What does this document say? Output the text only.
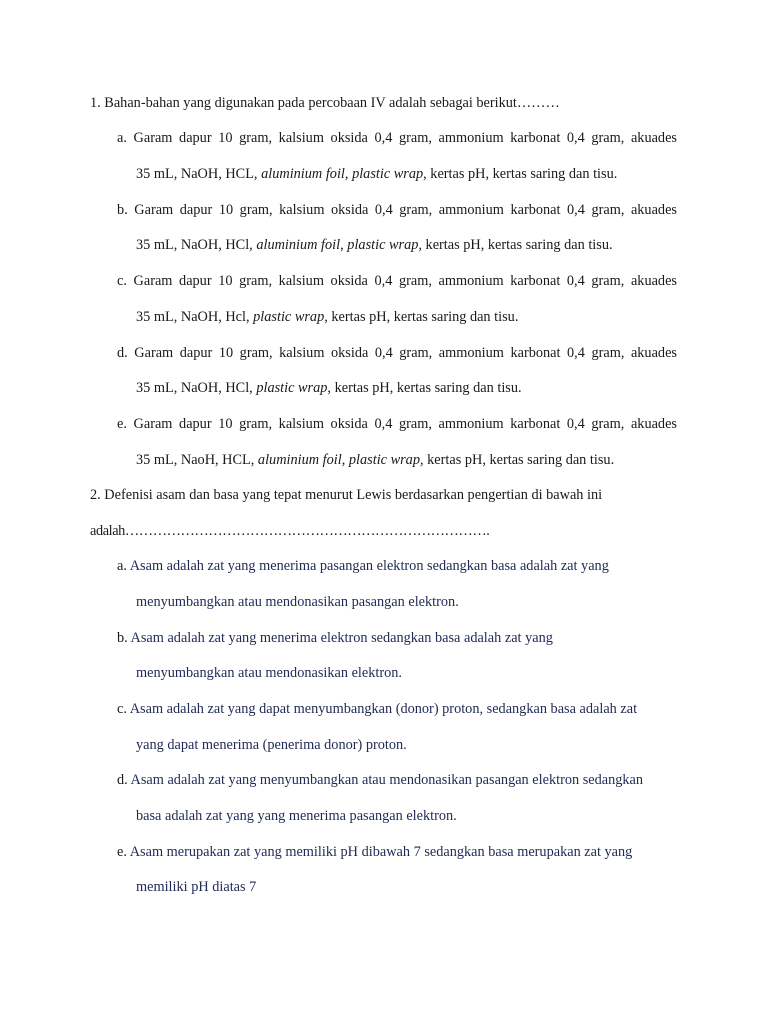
1. Bahan-bahan yang digunakan pada percobaan IV adalah sebagai berikut………
a. Garam dapur 10 gram, kalsium oksida 0,4 gram, ammonium karbonat 0,4 gram, akuades
35 mL, NaOH, HCL, aluminium foil, plastic wrap, kertas pH, kertas saring dan tisu.
b. Garam dapur 10 gram, kalsium oksida 0,4 gram, ammonium karbonat 0,4 gram, akuades
35 mL, NaOH, HCl, aluminium foil, plastic wrap, kertas pH, kertas saring dan tisu.
c. Garam dapur 10 gram, kalsium oksida 0,4 gram, ammonium karbonat 0,4 gram, akuades
35 mL, NaOH, Hcl, plastic wrap, kertas pH, kertas saring dan tisu.
d. Garam dapur 10 gram, kalsium oksida 0,4 gram, ammonium karbonat 0,4 gram, akuades
35 mL, NaOH, HCl, plastic wrap, kertas pH, kertas saring dan tisu.
e. Garam dapur 10 gram, kalsium oksida 0,4 gram, ammonium karbonat 0,4 gram, akuades
35 mL, NaoH, HCL, aluminium foil, plastic wrap, kertas pH, kertas saring dan tisu.
2. Defenisi asam dan basa yang tepat menurut Lewis berdasarkan pengertian di bawah ini
adalah…………………………………………………………………….
a. Asam adalah zat yang menerima pasangan elektron sedangkan basa adalah zat yang
menyumbangkan atau mendonasikan pasangan elektron.
b. Asam adalah zat yang menerima elektron sedangkan basa adalah zat yang
menyumbangkan atau mendonasikan elektron.
c. Asam adalah zat yang dapat menyumbangkan (donor) proton, sedangkan basa adalah zat
yang dapat menerima (penerima donor) proton.
d. Asam adalah zat yang menyumbangkan atau mendonasikan pasangan elektron sedangkan
basa adalah zat yang yang menerima pasangan elektron.
e. Asam merupakan zat yang memiliki pH dibawah 7 sedangkan basa merupakan zat yang
memiliki pH diatas 7
